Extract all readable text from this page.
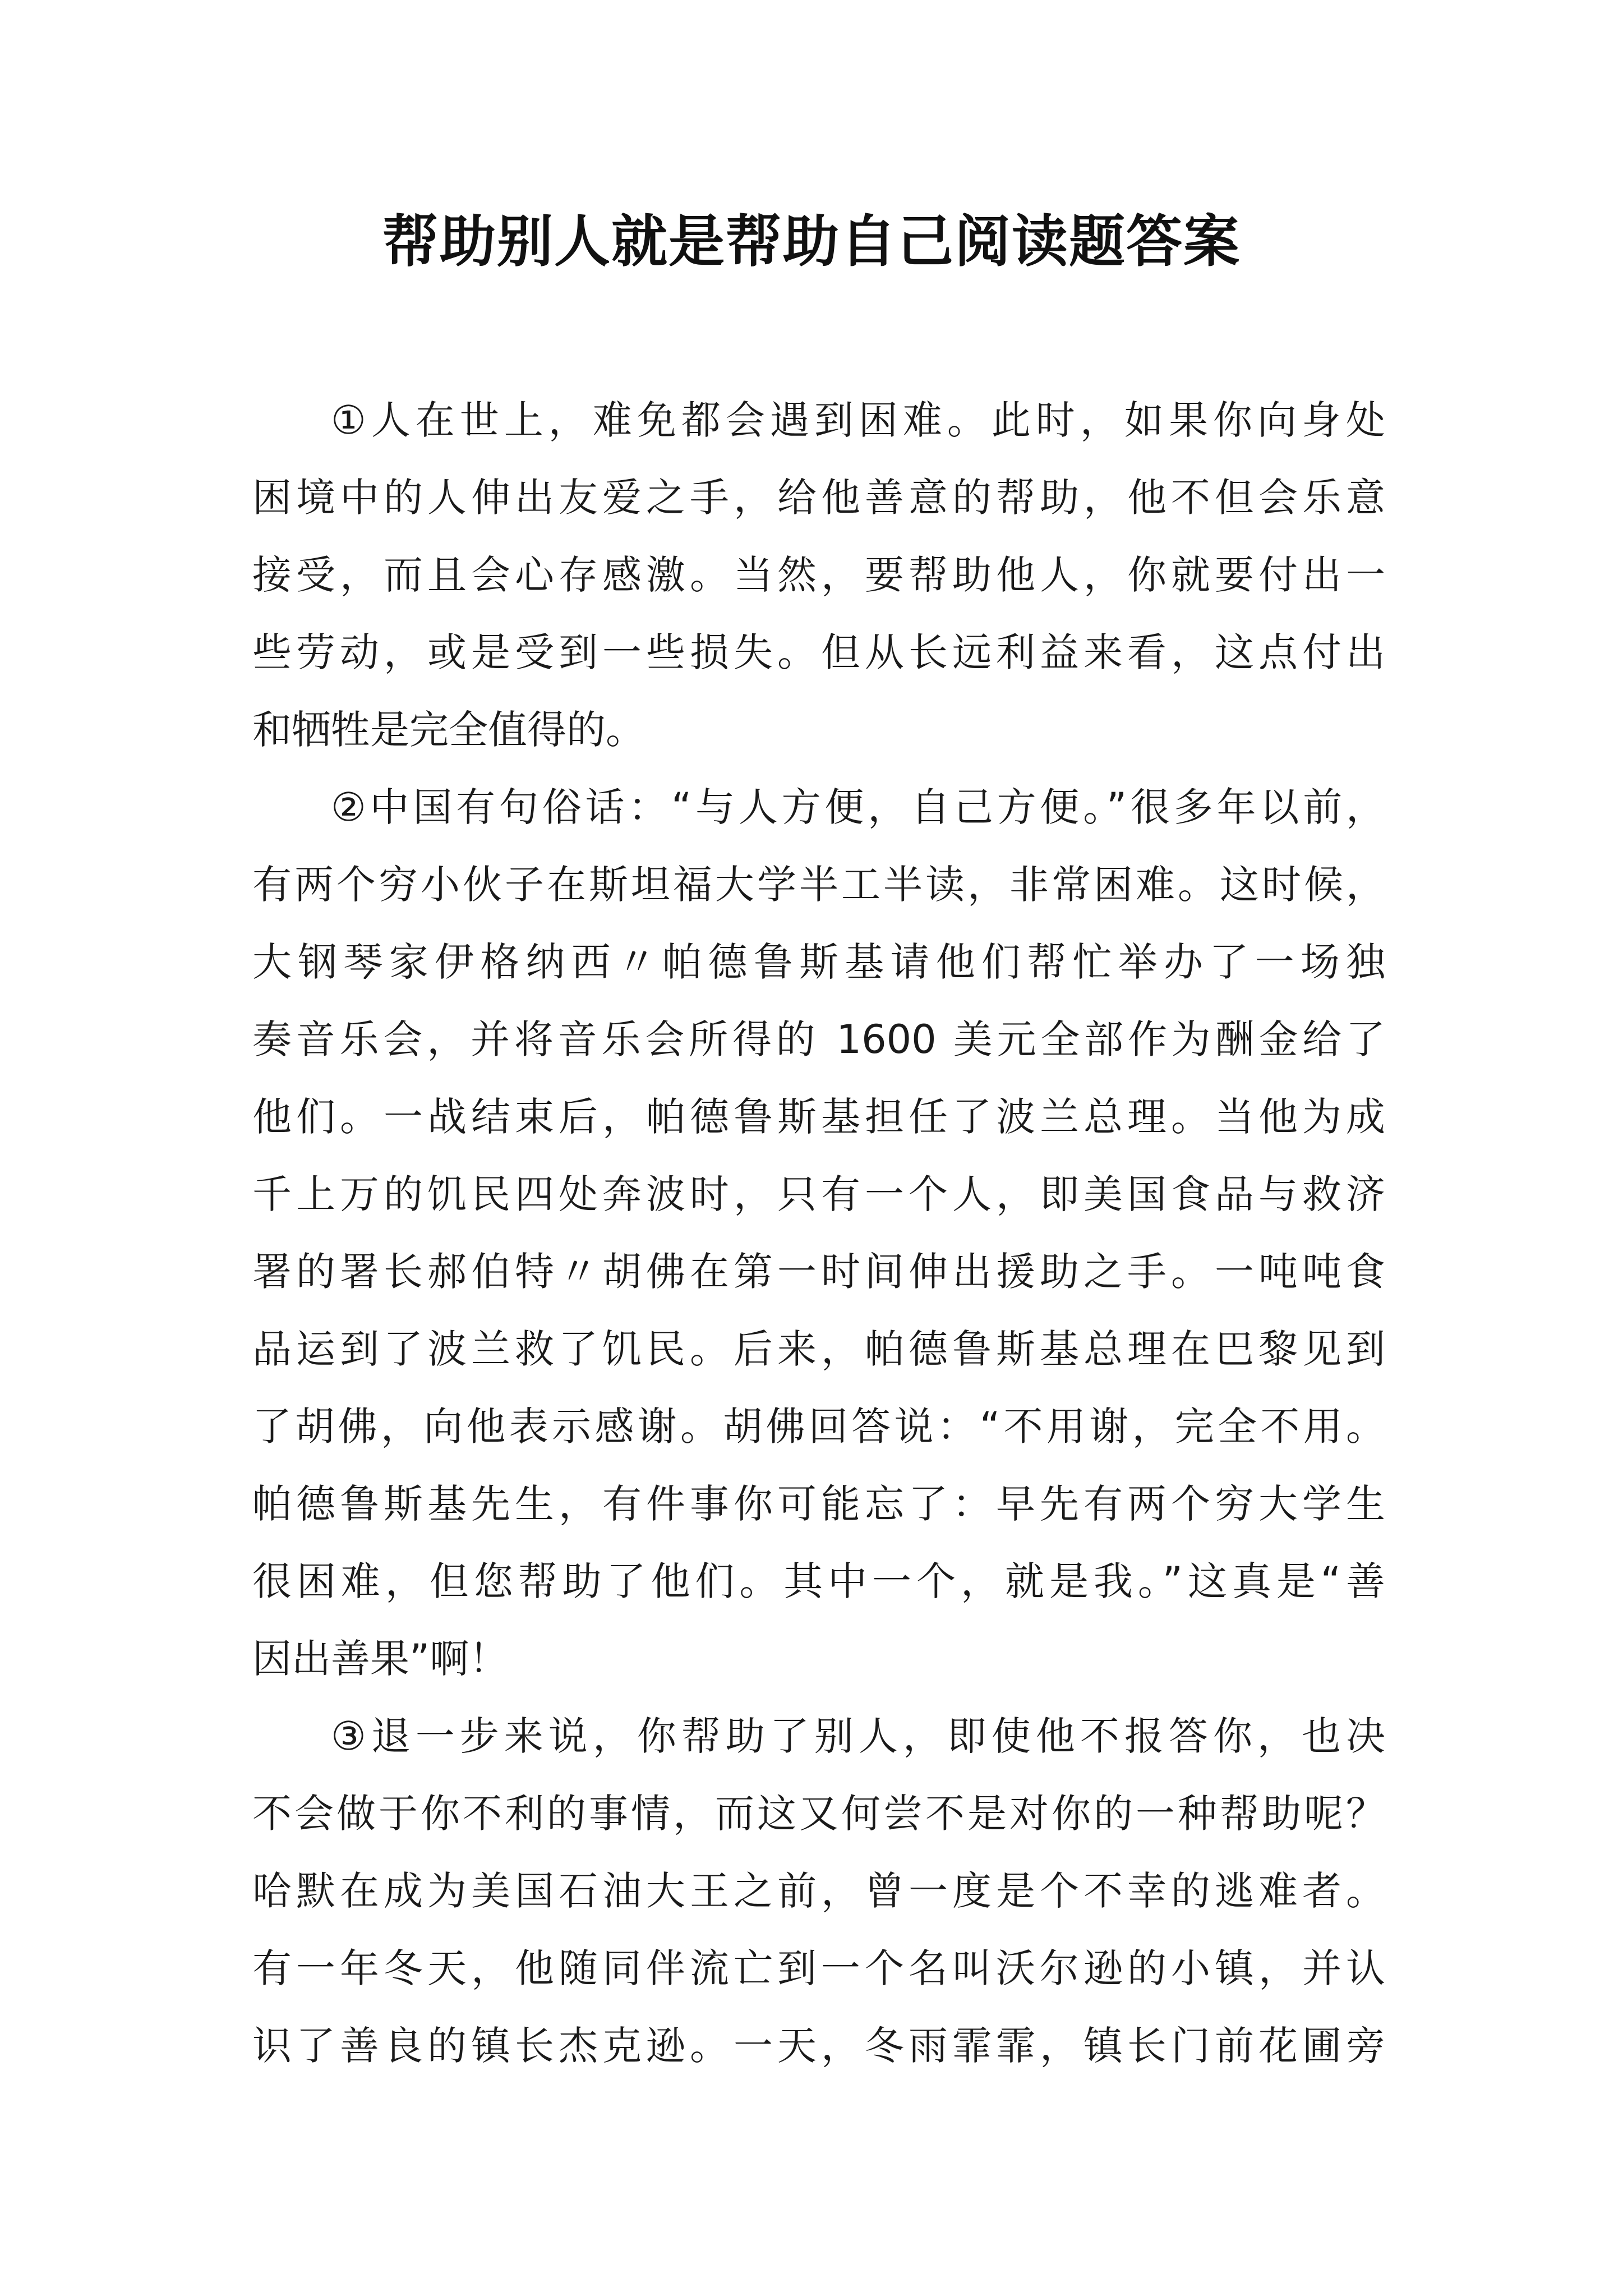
帮助别人就是帮助自己阅读题答案
①人在世上，难免都会遇到困难。此时，如果你向身处
困境中的人伸出友爱之手，给他善意的帮助，他不但会乐意
接受，而且会心存感激。当然，要帮助他人，你就要付出一
些劳动，或是受到一些损失。但从长远利益来看，这点付出
和牺牲是完全值得的。
②中国有句俗话：“与人方便，自己方便。”很多年以前，
有两个穷小伙子在斯坦福大学半工半读，非常困难。这时候，
大钢琴家伊格纳西〃帕德鲁斯基请他们帮忙举办了一场独
奏音乐会，并将音乐会所得的 1600 美元全部作为酬金给了
他们。一战结束后，帕德鲁斯基担任了波兰总理。当他为成
千上万的饥民四处奔波时，只有一个人，即美国食品与救济
署的署长郝伯特〃胡佛在第一时间伸出援助之手。一吨吨食
品运到了波兰救了饥民。后来，帕德鲁斯基总理在巴黎见到
了胡佛，向他表示感谢。胡佛回答说：“不用谢，完全不用。
帕德鲁斯基先生，有件事你可能忘了：早先有两个穷大学生
很困难，但您帮助了他们。其中一个，就是我。”这真是“善
因出善果”啊！
③退一步来说，你帮助了别人，即使他不报答你，也决
不会做于你不利的事情，而这又何尝不是对你的一种帮助呢？
哈默在成为美国石油大王之前，曾一度是个不幸的逃难者。
有一年冬天，他随同伴流亡到一个名叫沃尔逊的小镇，并认
识了善良的镇长杰克逊。一天，冬雨霏霏，镇长门前花圃旁
